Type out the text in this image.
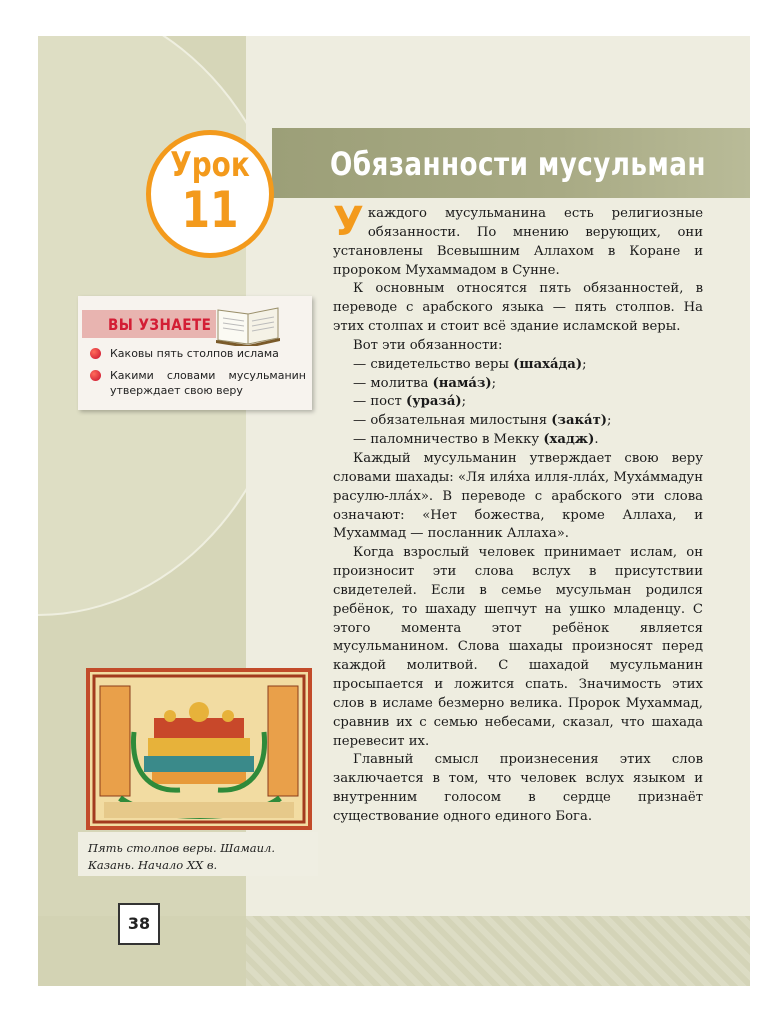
Обязанности мусульман
Урок
11
ВЫ УЗНАЕТЕ
Каковы пять столпов ислама
Какими словами мусульманин утверждает свою веру
Пять столпов веры. Шамаил. Казань. Начало XX в.
38

У каждого мусульманина есть религиозные обязанности. По мнению верующих, они установлены Всевышним Аллахом в Коране и пророком Мухаммадом в Сунне.

К основным относятся пять обязанностей, в переводе с арабского языка — пять столпов. На этих столпах и стоит всё здание исламской веры.

Вот эти обязанности:

— свидетельство веры (шаха́да);

— молитва (нама́з);

— пост (ураза́);

— обязательная милостыня (зака́т);

— паломничество в Мекку (хадж).

Каждый мусульманин утверждает свою веру словами шахады: «Ля иля́ха илля-лла́х, Муха́ммадун расулю-лла́х». В переводе с арабского эти слова означают: «Нет божества, кроме Аллаха, и Мухаммад — посланник Аллаха».

Когда взрослый человек принимает ислам, он произносит эти слова вслух в присутствии свидетелей. Если в семье мусульман родился ребёнок, то шахаду шепчут на ушко младенцу. С этого момента этот ребёнок является мусульманином. Слова шахады произносят перед каждой молитвой. С шахадой мусульманин просыпается и ложится спать. Значимость этих слов в исламе безмерно велика. Пророк Мухаммад, сравнив их с семью небесами, сказал, что шахада перевесит их.

Главный смысл произнесения этих слов заключается в том, что человек вслух языком и внутренним голосом в сердце признаёт существование одного единого Бога.
